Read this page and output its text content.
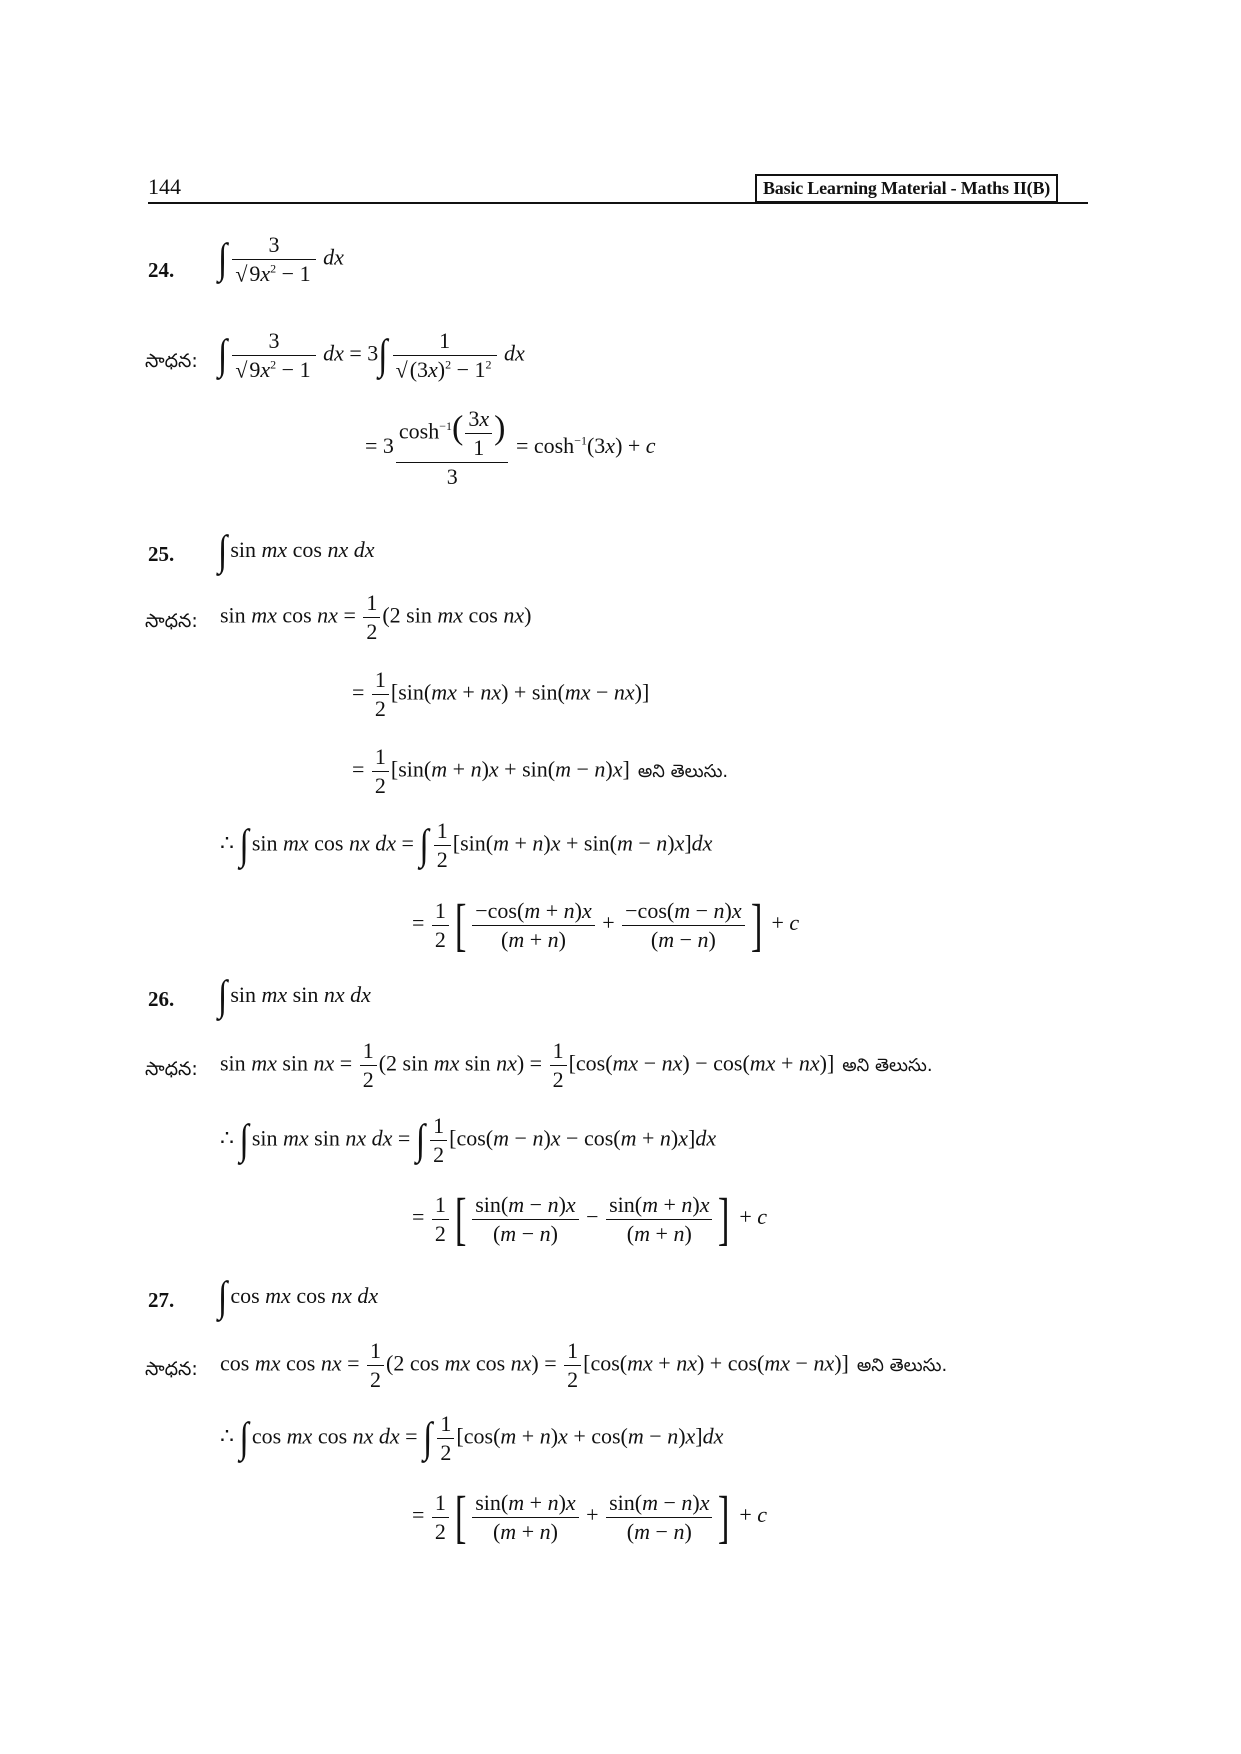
144	Basic Learning Material - Maths II(B)
24. ∫ $\frac{3}{√9x^2 - 1}$ dx
సాధన: ∫ $\frac{3}{√9x^2 - 1}$ dx = $3\int \frac{1}{√(3x)^2 - 1^2}$ dx
= $3 \frac{\cosh^{-1}( \frac{3x}{1} )}{3} = \cosh^{-1}(3x) + c$
25. ∫ sin mx cos nx dx
సాధన: sin mx cos nx = $\frac{1}{2} (2$ sin mx cos nx)
= $\frac{1}{2} [\sin(mx + nx) + \sin(mx - nx)]$
= $\frac{1}{2} [\sin(m + n)x + \sin(m - n)x]$ అని తెలుసు.
∴ ∫ sin mx cos nx dx = ∫ $\frac{1}{2} [\sin(m + n)x + \sin(m - n)x]dx$
= $\frac{1}{2}$ [ $\frac{-\cos(m + n)x}{(m + n)} + \frac{-\cos(m - n)x}{(m - n)}$ ] + c
26. ∫ sin mx sin nx dx
సాధన: sin mx sin nx = $\frac{1}{2} (2$ sin mx $\sin nx) = \frac{1}{2} [\cos(mx - nx) - \cos(mx + nx)]$ అని తెలుసు.
∴ ∫ sin mx sin nx dx = ∫ $\frac{1}{2} [\cos(m - n)x - \cos(m + n)x]dx$
= $\frac{1}{2}$ [ $\frac{\sin(m - n)x}{(m - n)} - \frac{\sin(m + n)x}{(m + n)}$ ] + c
27. ∫ cos mx cos nx dx
సాధన: cos mx cos nx = $\frac{1}{2} (2$ cos mx $\cos nx) = \frac{1}{2} [\cos(mx + nx) + \cos(mx - nx)]$ అని తెలుసు.
∴ ∫ cos mx cos nx dx = ∫ $\frac{1}{2} [\cos(m + n)x + \cos(m - n)x]dx$
= $\frac{1}{2}$ [ $\frac{\sin(m + n)x}{(m + n)} + \frac{\sin(m - n)x}{(m - n)}$ ] + c
